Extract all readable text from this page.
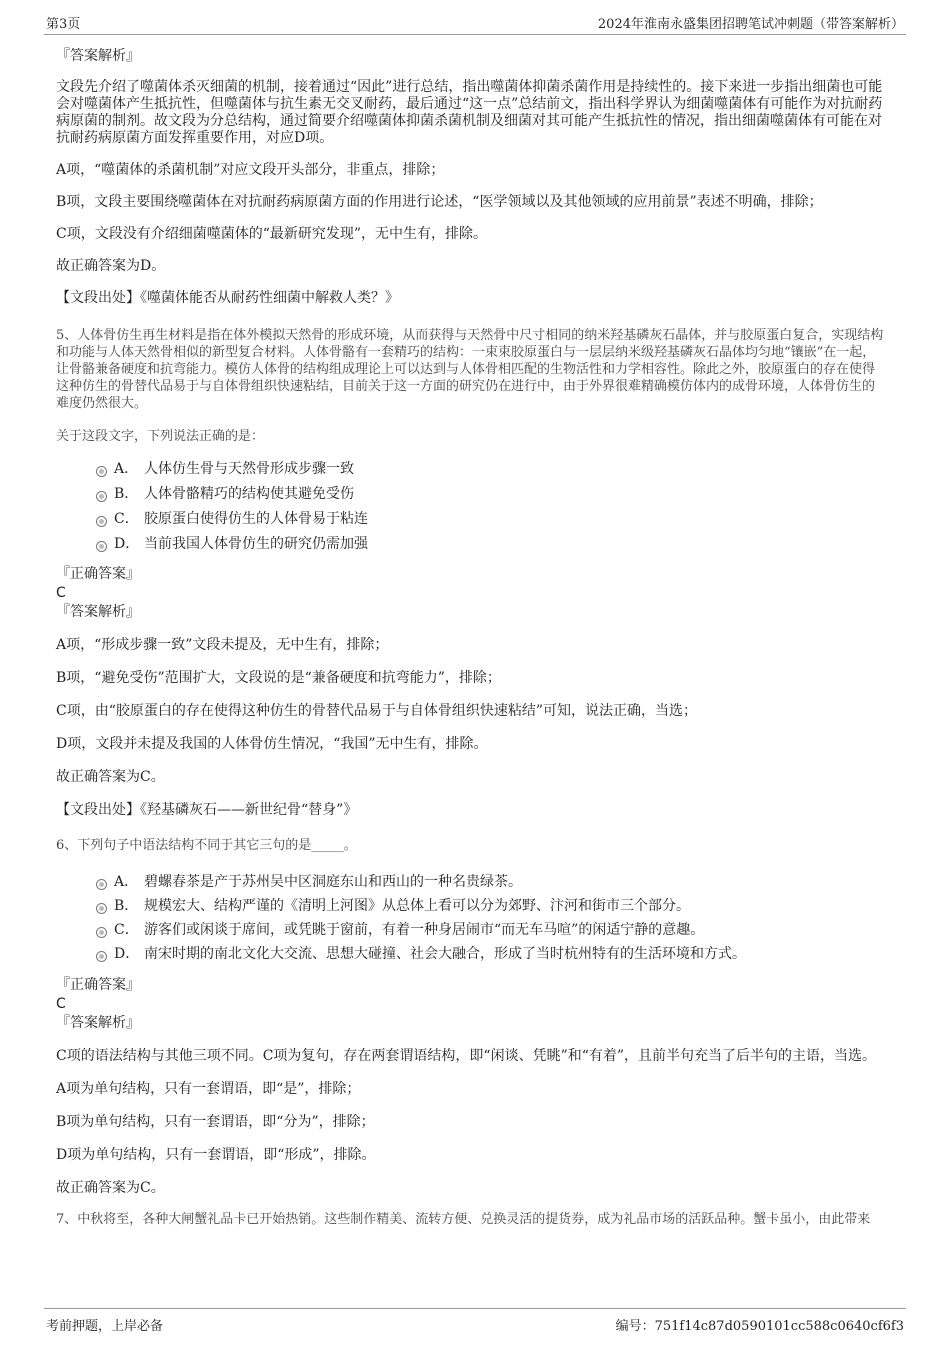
第3页	2024年淮南永盛集团招聘笔试冲刺题（带答案解析）

『答案解析』

文段先介绍了噬菌体杀灭细菌的机制，接着通过“因此”进行总结，指出噬菌体抑菌杀菌作用是持续性的。接下来进一步指出细菌也可能会对噬菌体产生抵抗性，但噬菌体与抗生素无交叉耐药，最后通过“这一点”总结前文，指出科学界认为细菌噬菌体有可能作为对抗耐药病原菌的制剂。故文段为分总结构，通过简要介绍噬菌体抑菌杀菌机制及细菌对其可能产生抵抗性的情况，指出细菌噬菌体有可能在对抗耐药病原菌方面发挥重要作用，对应D项。

A项，“噬菌体的杀菌机制”对应文段开头部分，非重点，排除；

B项，文段主要围绕噬菌体在对抗耐药病原菌方面的作用进行论述，“医学领域以及其他领域的应用前景”表述不明确，排除；

C项，文段没有介绍细菌噬菌体的“最新研究发现”，无中生有，排除。

故正确答案为D。

【文段出处】《噬菌体能否从耐药性细菌中解救人类？》

5、人体骨仿生再生材料是指在体外模拟天然骨的形成环境，从而获得与天然骨中尺寸相同的纳米羟基磷灰石晶体，并与胶原蛋白复合，实现结构和功能与人体天然骨相似的新型复合材料。人体骨骼有一套精巧的结构：一束束胶原蛋白与一层层纳米级羟基磷灰石晶体均匀地“镶嵌”在一起，让骨骼兼备硬度和抗弯能力。模仿人体骨的结构组成理论上可以达到与人体骨相匹配的生物活性和力学相容性。除此之外，胶原蛋白的存在使得这种仿生的骨替代品易于与自体骨组织快速粘结，目前关于这一方面的研究仍在进行中，由于外界很难精确模仿体内的成骨环境，人体骨仿生的难度仍然很大。

关于这段文字，下列说法正确的是：

A． 人体仿生骨与天然骨形成步骤一致
B． 人体骨骼精巧的结构使其避免受伤
C． 胶原蛋白使得仿生的人体骨易于粘连
D． 当前我国人体骨仿生的研究仍需加强

『正确答案』

C

『答案解析』

A项，“形成步骤一致”文段未提及，无中生有，排除；

B项，“避免受伤”范围扩大，文段说的是“兼备硬度和抗弯能力”，排除；

C项，由“胶原蛋白的存在使得这种仿生的骨替代品易于与自体骨组织快速粘结”可知，说法正确，当选；

D项，文段并未提及我国的人体骨仿生情况，“我国”无中生有，排除。

故正确答案为C。

【文段出处】《羟基磷灰石——新世纪骨“替身”》

6、下列句子中语法结构不同于其它三句的是_____。

A． 碧螺春茶是产于苏州吴中区洞庭东山和西山的一种名贵绿茶。
B． 规模宏大、结构严谨的《清明上河图》从总体上看可以分为郊野、汴河和街市三个部分。
C． 游客们或闲谈于席间，或凭眺于窗前，有着一种身居闹市“而无车马喧”的闲适宁静的意趣。
D． 南宋时期的南北文化大交流、思想大碰撞、社会大融合，形成了当时杭州特有的生活环境和方式。

『正确答案』

C

『答案解析』

C项的语法结构与其他三项不同。C项为复句，存在两套谓语结构，即“闲谈、凭眺”和“有着”，且前半句充当了后半句的主语，当选。

A项为单句结构，只有一套谓语，即“是”，排除；

B项为单句结构，只有一套谓语，即“分为”，排除；

D项为单句结构，只有一套谓语，即“形成”，排除。

故正确答案为C。

7、中秋将至，各种大闸蟹礼品卡已开始热销。这些制作精美、流转方便、兑换灵活的提货券，成为礼品市场的活跃品种。蟹卡虽小，由此带来

考前押题，上岸必备	编号：751f14c87d0590101cc588c0640cf6f3
